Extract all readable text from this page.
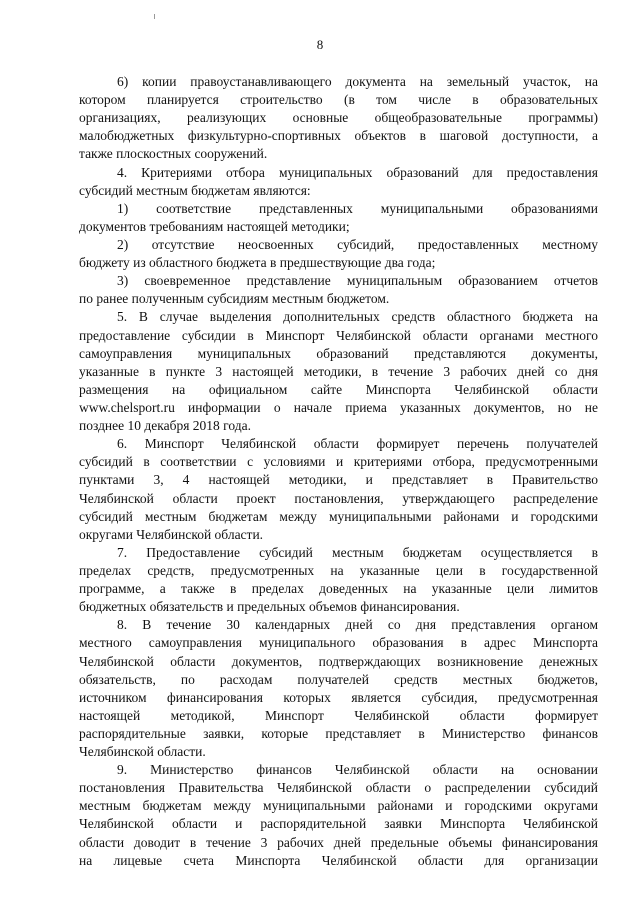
8
6) копии правоустанавливающего документа на земельный участок, на
котором планируется строительство (в том числе в образовательных
организациях, реализующих основные общеобразовательные программы)
малобюджетных физкультурно-спортивных объектов в шаговой доступности, а
также плоскостных сооружений.
4. Критериями отбора муниципальных образований для предоставления
субсидий местным бюджетам являются:
1) соответствие представленных муниципальными образованиями
документов требованиям настоящей методики;
2) отсутствие неосвоенных субсидий, предоставленных местному
бюджету из областного бюджета в предшествующие два года;
3) своевременное представление муниципальным образованием отчетов
по ранее полученным субсидиям местным бюджетом.
5. В случае выделения дополнительных средств областного бюджета на
предоставление субсидии в Минспорт Челябинской области органами местного
самоуправления муниципальных образований представляются документы,
указанные в пункте 3 настоящей методики, в течение 3 рабочих дней со дня
размещения на официальном сайте Минспорта Челябинской области
www.chelsport.ru информации о начале приема указанных документов, но не
позднее 10 декабря 2018 года.
6. Минспорт Челябинской области формирует перечень получателей
субсидий в соответствии с условиями и критериями отбора, предусмотренными
пунктами 3, 4 настоящей методики, и представляет в Правительство
Челябинской области проект постановления, утверждающего распределение
субсидий местным бюджетам между муниципальными районами и городскими
округами Челябинской области.
7. Предоставление субсидий местным бюджетам осуществляется в
пределах средств, предусмотренных на указанные цели в государственной
программе, а также в пределах доведенных на указанные цели лимитов
бюджетных обязательств и предельных объемов финансирования.
8. В течение 30 календарных дней со дня представления органом
местного самоуправления муниципального образования в адрес Минспорта
Челябинской области документов, подтверждающих возникновение денежных
обязательств, по расходам получателей средств местных бюджетов,
источником финансирования которых является субсидия, предусмотренная
настоящей методикой, Минспорт Челябинской области формирует
распорядительные заявки, которые представляет в Министерство финансов
Челябинской области.
9. Министерство финансов Челябинской области на основании
постановления Правительства Челябинской области о распределении субсидий
местным бюджетам между муниципальными районами и городскими округами
Челябинской области и распорядительной заявки Минспорта Челябинской
области доводит в течение 3 рабочих дней предельные объемы финансирования
на лицевые счета Минспорта Челябинской области для организации
